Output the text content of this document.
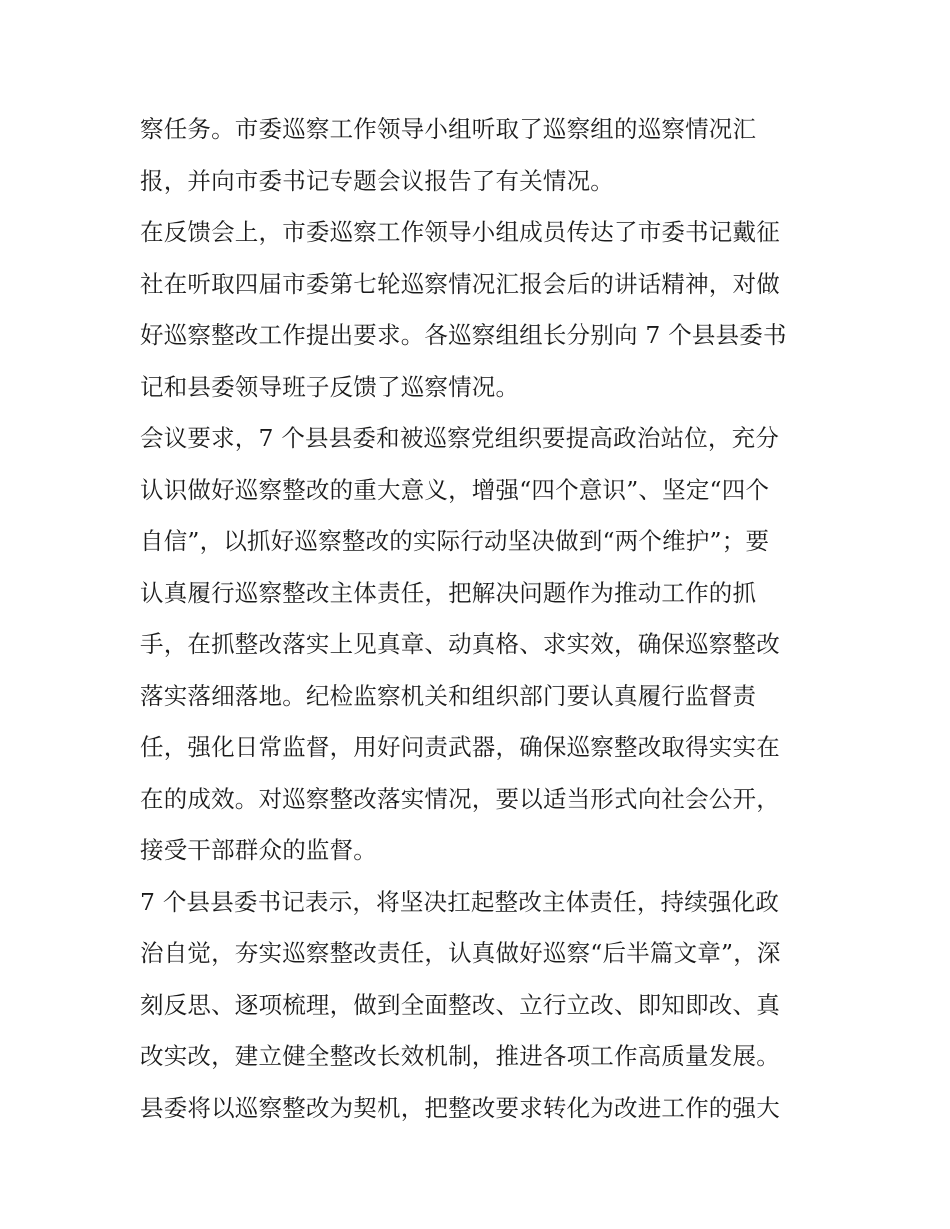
察任务。市委巡察工作领导小组听取了巡察组的巡察情况汇
报，并向市委书记专题会议报告了有关情况。
在反馈会上，市委巡察工作领导小组成员传达了市委书记戴征
社在听取四届市委第七轮巡察情况汇报会后的讲话精神，对做
好巡察整改工作提出要求。各巡察组组长分别向 7 个县县委书
记和县委领导班子反馈了巡察情况。
会议要求，7 个县县委和被巡察党组织要提高政治站位，充分
认识做好巡察整改的重大意义，增强“四个意识”、坚定“四个
自信”，以抓好巡察整改的实际行动坚决做到“两个维护”；要
认真履行巡察整改主体责任，把解决问题作为推动工作的抓
手，在抓整改落实上见真章、动真格、求实效，确保巡察整改
落实落细落地。纪检监察机关和组织部门要认真履行监督责
任，强化日常监督，用好问责武器，确保巡察整改取得实实在
在的成效。对巡察整改落实情况，要以适当形式向社会公开，
接受干部群众的监督。
7 个县县委书记表示，将坚决扛起整改主体责任，持续强化政
治自觉，夯实巡察整改责任，认真做好巡察“后半篇文章”，深
刻反思、逐项梳理，做到全面整改、立行立改、即知即改、真
改实改，建立健全整改长效机制，推进各项工作高质量发展。
县委将以巡察整改为契机，把整改要求转化为改进工作的强大
